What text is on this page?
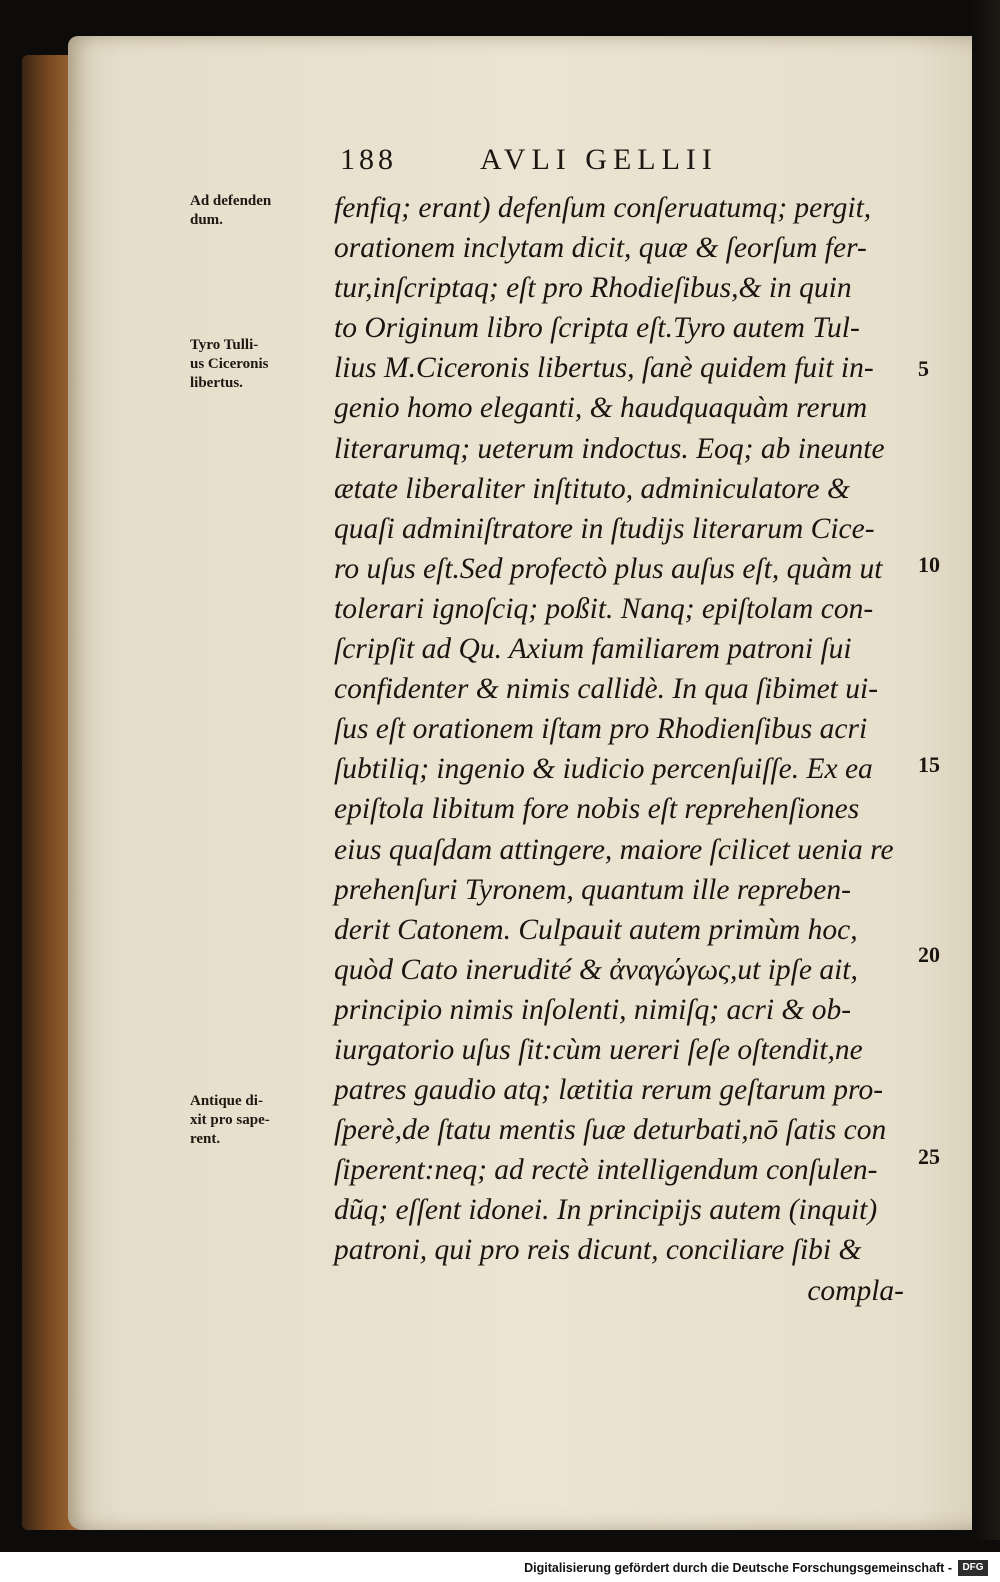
188	AVLI GELLII
Ad defenden
dum.
Tyro Tulli-
us Ciceronis
libertus.
Antique di-
xit pro sape-
rent.
5
10
15
20
25
fenfiq; erant) defenſum conſeruatumq; pergit,
orationem inclytam dicit, quæ & ſeorſum fer-
tur,inſcriptaq; eſt pro Rhodieſibus,& in quin
to Originum libro ſcripta eſt.Tyro autem Tul-
lius M.Ciceronis libertus, ſanè quidem fuit in-
genio homo eleganti, & haudquaquàm rerum
literarumq; ueterum indoctus. Eoq; ab ineunte
ætate liberaliter inſtituto, adminiculatore &
quaſi adminiſtratore in ſtudijs literarum Cice-
ro uſus eſt.Sed profectò plus auſus eſt, quàm ut
tolerari ignoſciq; poßit. Nanq; epiſtolam con-
ſcripſit ad Qu. Axium familiarem patroni ſui
confidenter & nimis callidè. In qua ſibimet ui-
ſus eſt orationem iſtam pro Rhodienſibus acri
ſubtiliq; ingenio & iudicio percenſuiſſe. Ex ea
epiſtola libitum fore nobis eſt reprehenſiones
eius quaſdam attingere, maiore ſcilicet uenia re
prehenſuri Tyronem, quantum ille repreben-
derit Catonem. Culpauit autem primùm hoc,
quòd Cato inerudité & ἀναγώγως,ut ipſe ait,
principio nimis inſolenti, nimiſq; acri & ob-
iurgatorio uſus ſit:cùm uereri ſeſe oſtendit,ne
patres gaudio atq; lætitia rerum geſtarum pro-
ſperè,de ſtatu mentis ſuæ deturbati,nō ſatis con
ſiperent:neq; ad rectè intelligendum conſulen-
dũq; eſſent idonei. In principijs autem (inquit)
patroni, qui pro reis dicunt, conciliare ſibi &
compla-
Digitalisierung gefördert durch die Deutsche Forschungsgemeinschaft -	DFG
